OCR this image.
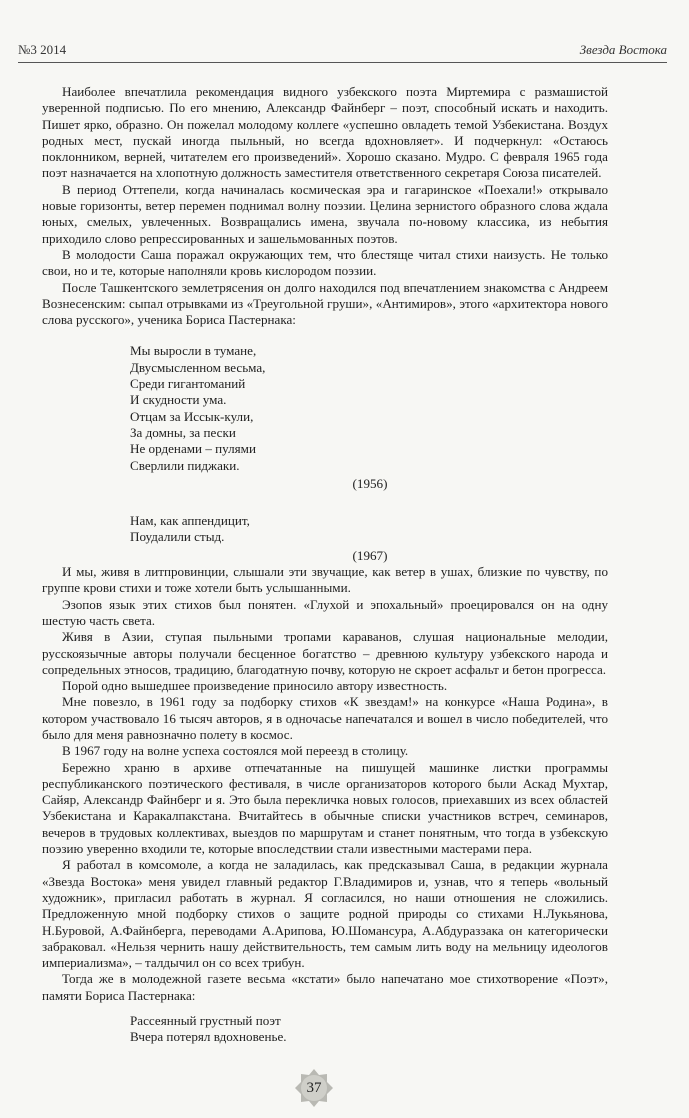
№3 2014	Звезда Востока

Наиболее впечатлила рекомендация видного узбекского поэта Миртемира с размашистой уверенной подписью. По его мнению, Александр Файнберг – поэт, способный искать и находить. Пишет ярко, образно. Он пожелал молодому коллеге «успешно овладеть темой Узбекистана. Воздух родных мест, пускай иногда пыльный, но всегда вдохновляет». И подчеркнул: «Остаюсь поклонником, верней, читателем его произведений». Хорошо сказано. Мудро. С февраля 1965 года поэт назначается на хлопотную должность заместителя ответственного секретаря Союза писателей.

В период Оттепели, когда начиналась космическая эра и гагаринское «Поехали!» открывало новые горизонты, ветер перемен поднимал волну поэзии. Целина зернистого образного слова ждала юных, смелых, увлеченных. Возвращались имена, звучала по-новому классика, из небытия приходило слово репрессированных и зашельмованных поэтов.

В молодости Саша поражал окружающих тем, что блестяще читал стихи наизусть. Не только свои, но и те, которые наполняли кровь кислородом поэзии.

После Ташкентского землетрясения он долго находился под впечатлением знакомства с Андреем Вознесенским: сыпал отрывками из «Треугольной груши», «Антимиров», этого «архитектора нового слова русского», ученика Бориса Пастернака:

Мы выросли в тумане,
Двусмысленном весьма,
Среди гигантоманий
И скудности ума.
Отцам за Иссык-кули,
За домны, за пески
Не орденами – пулями
Сверлили пиджаки.
(1956)
Нам, как аппендицит,
Поудалили стыд.
(1967)

И мы, живя в литпровинции, слышали эти звучащие, как ветер в ушах, близкие по чувству, по группе крови стихи и тоже хотели быть услышанными.

Эзопов язык этих стихов был понятен. «Глухой и эпохальный» проецировался он на одну шестую часть света.

Живя в Азии, ступая пыльными тропами караванов, слушая национальные мелодии, русскоязычные авторы получали бесценное богатство – древнюю культуру узбекского народа и сопредельных этносов, традицию, благодатную почву, которую не скроет асфальт и бетон прогресса.

Порой одно вышедшее произведение приносило автору известность.

Мне повезло, в 1961 году за подборку стихов «К звездам!» на конкурсе «Наша Родина», в котором участвовало 16 тысяч авторов, я в одночасье напечатался и вошел в число победителей, что было для меня равнозначно полету в космос.

В 1967 году на волне успеха состоялся мой переезд в столицу.

Бережно храню в архиве отпечатанные на пишущей машинке листки программы республиканского поэтического фестиваля, в числе организаторов которого были Аскад Мухтар, Сайяр, Александр Файнберг и я. Это была перекличка новых голосов, приехавших из всех областей Узбекистана и Каракалпакстана. Вчитайтесь в обычные списки участников встреч, семинаров, вечеров в трудовых коллективах, выездов по маршрутам и станет понятным, что тогда в узбекскую поэзию уверенно входили те, которые впоследствии стали известными мастерами пера.

Я работал в комсомоле, а когда не заладилась, как предсказывал Саша, в редакции журнала «Звезда Востока» меня увидел главный редактор Г.Владимиров и, узнав, что я теперь «вольный художник», пригласил работать в журнал. Я согласился, но наши отношения не сложились. Предложенную мной подборку стихов о защите родной природы со стихами Н.Лукьянова, Н.Буровой, А.Файнберга, переводами А.Арипова, Ю.Шомансура, А.Абдураззака он категорически забраковал. «Нельзя чернить нашу действительность, тем самым лить воду на мельницу идеологов империализма», – талдычил он со всех трибун.

Тогда же в молодежной газете весьма «кстати» было напечатано мое стихотворение «Поэт», памяти Бориса Пастернака:

Рассеянный грустный поэт
Вчера потерял вдохновенье.
37
